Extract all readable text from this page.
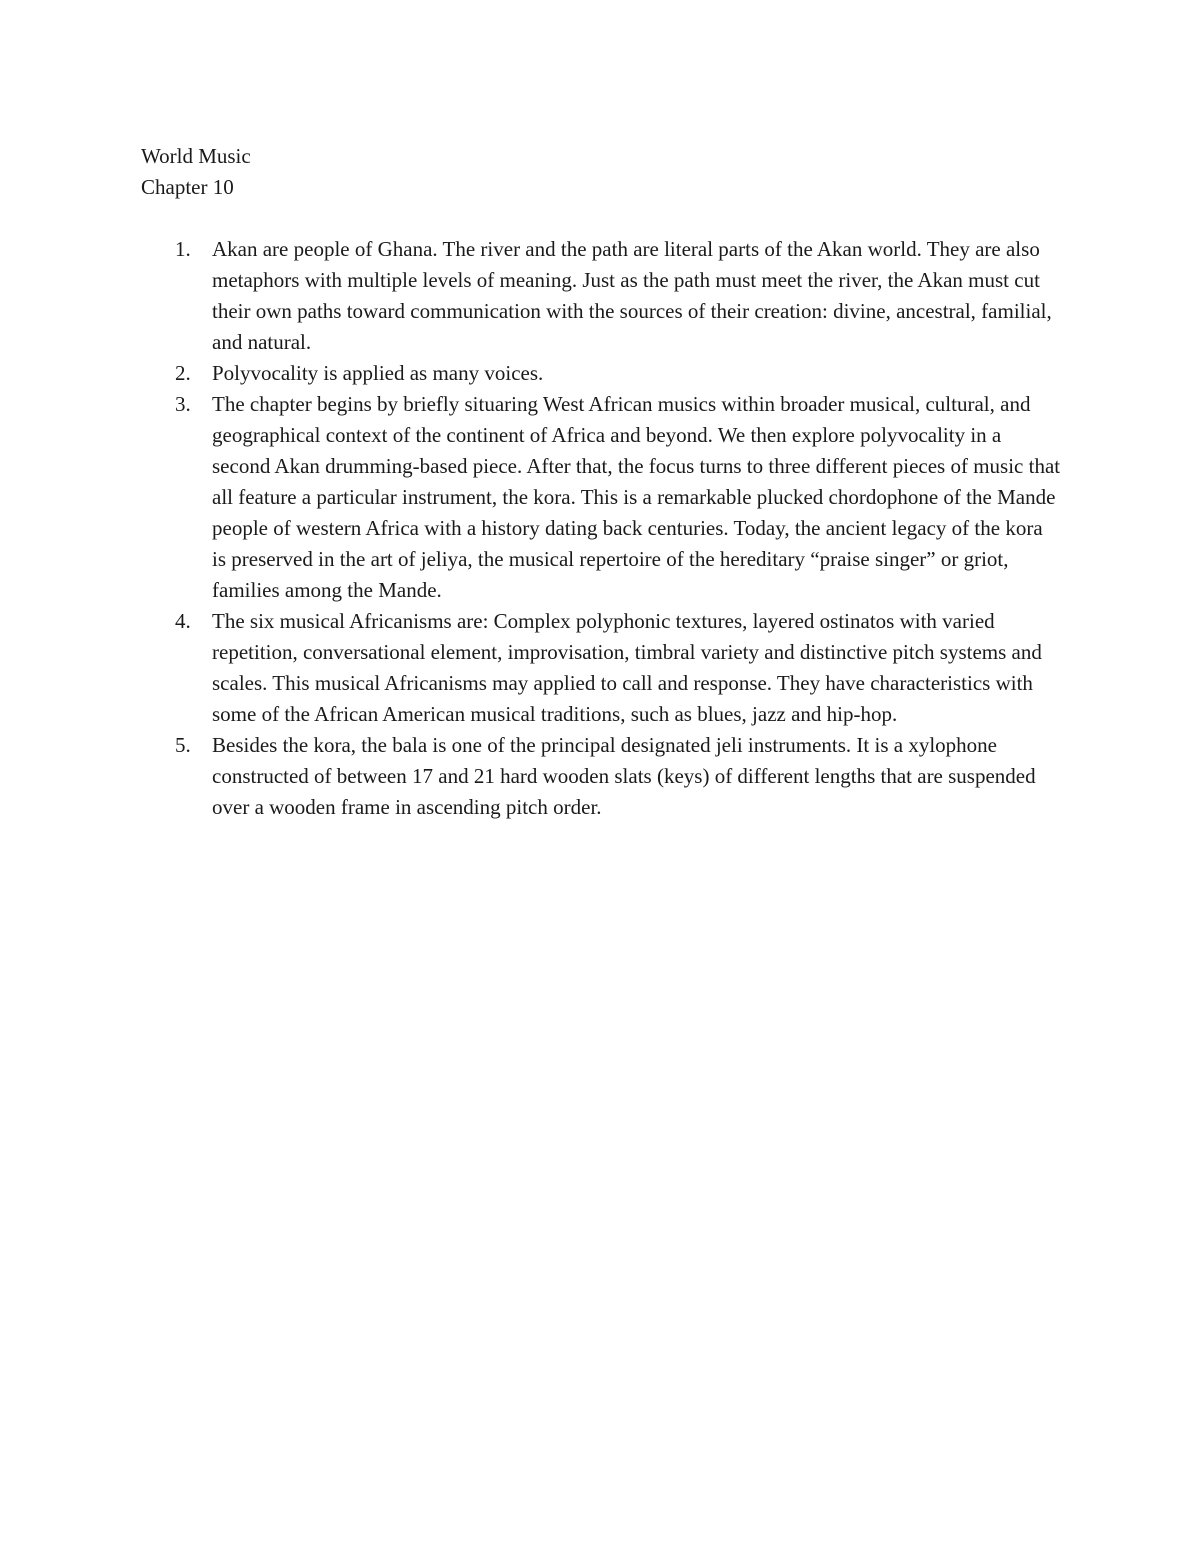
World Music

Chapter 10

1. Akan are people of Ghana. The river and the path are literal parts of the Akan world. They are also metaphors with multiple levels of meaning. Just as the path must meet the river, the Akan must cut their own paths toward communication with the sources of their creation: divine, ancestral, familial, and natural.
2. Polyvocality is applied as many voices.
3. The chapter begins by briefly situaring West African musics within broader musical, cultural, and geographical context of the continent of Africa and beyond. We then explore polyvocality in a second Akan drumming-based piece. After that, the focus turns to three different pieces of music that all feature a particular instrument, the kora. This is a remarkable plucked chordophone of the Mande people of western Africa with a history dating back centuries. Today, the ancient legacy of the kora is preserved in the art of jeliya, the musical repertoire of the hereditary “praise singer” or griot, families among the Mande.
4. The six musical Africanisms are: Complex polyphonic textures, layered ostinatos with varied repetition, conversational element, improvisation, timbral variety and distinctive pitch systems and scales. This musical Africanisms may applied to call and response. They have characteristics with some of the African American musical traditions, such as blues, jazz and hip-hop.
5. Besides the kora, the bala is one of the principal designated jeli instruments. It is a xylophone constructed of between 17 and 21 hard wooden slats (keys) of different lengths that are suspended over a wooden frame in ascending pitch order.
